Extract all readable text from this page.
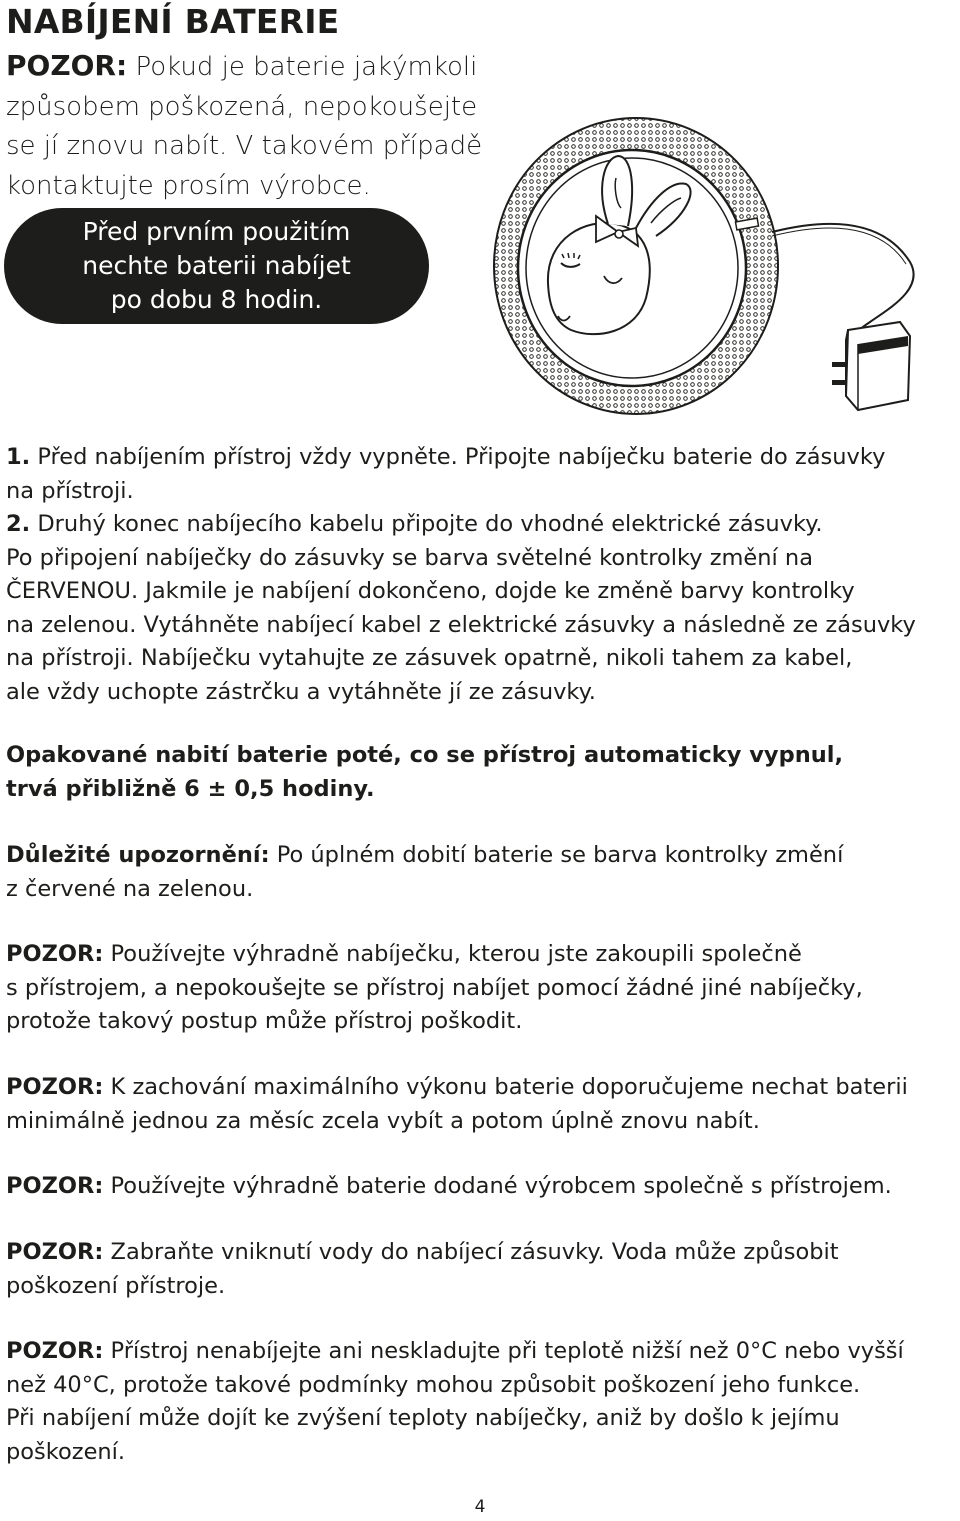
NABÍJENÍ BATERIE
POZOR: Pokud je baterie jakýmkoli
způsobem poškozená, nepokoušejte
se jí znovu nabít. V takovém případě
kontaktujte prosím výrobce.
Před prvním použitím
nechte baterii nabíjet
po dobu 8 hodin.
1. Před nabíjením přístroj vždy vypněte. Připojte nabíječku baterie do zásuvky
na přístroji.
2. Druhý konec nabíjecího kabelu připojte do vhodné elektrické zásuvky.
Po připojení nabíječky do zásuvky se barva světelné kontrolky změní na
ČERVENOU. Jakmile je nabíjení dokončeno, dojde ke změně barvy kontrolky
na zelenou. Vytáhněte nabíjecí kabel z elektrické zásuvky a následně ze zásuvky
na přístroji. Nabíječku vytahujte ze zásuvek opatrně, nikoli tahem za kabel,
ale vždy uchopte zástrčku a vytáhněte jí ze zásuvky.
Opakované nabití baterie poté, co se přístroj automaticky vypnul,
trvá přibližně 6 ± 0,5 hodiny.
Důležité upozornění: Po úplném dobití baterie se barva kontrolky změní
z červené na zelenou.
POZOR: Používejte výhradně nabíječku, kterou jste zakoupili společně
s přístrojem, a nepokoušejte se přístroj nabíjet pomocí žádné jiné nabíječky,
protože takový postup může přístroj poškodit.
POZOR: K zachování maximálního výkonu baterie doporučujeme nechat baterii
minimálně jednou za měsíc zcela vybít a potom úplně znovu nabít.
POZOR: Používejte výhradně baterie dodané výrobcem společně s přístrojem.
POZOR: Zabraňte vniknutí vody do nabíjecí zásuvky. Voda může způsobit
poškození přístroje.
POZOR: Přístroj nenabíjejte ani neskladujte při teplotě nižší než 0°C nebo vyšší
než 40°C, protože takové podmínky mohou způsobit poškození jeho funkce.
Při nabíjení může dojít ke zvýšení teploty nabíječky, aniž by došlo k jejímu
poškození.
4
